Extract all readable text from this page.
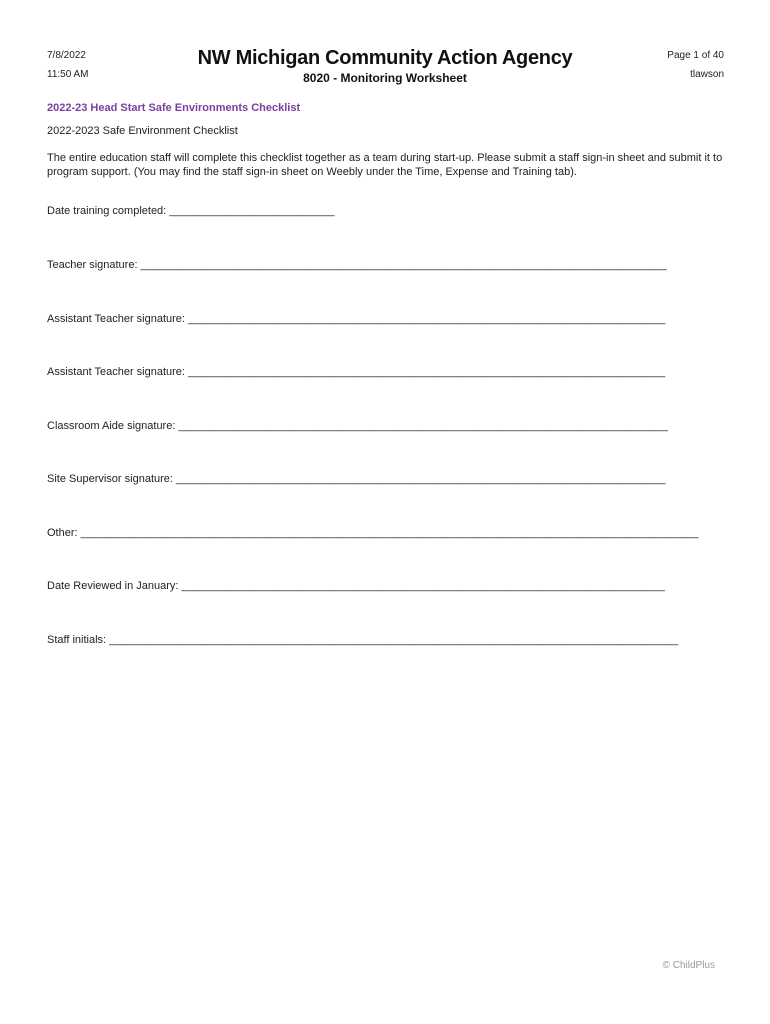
7/8/2022
11:50 AM
NW Michigan Community Action Agency
8020 - Monitoring Worksheet
Page 1 of 40
tlawson
2022-23 Head Start Safe Environments Checklist
2022-2023 Safe Environment Checklist
The entire education staff will complete this checklist together as a team during start-up. Please submit a staff sign-in sheet and submit it to program support. (You may find the staff sign-in sheet on Weebly under the Time, Expense and Training tab).
Date training completed: ___________________________
Teacher signature: ______________________________________________________________________________________
Assistant Teacher signature: ______________________________________________________________________________
Assistant Teacher signature: ______________________________________________________________________________
Classroom Aide signature: ________________________________________________________________________________
Site Supervisor signature: ________________________________________________________________________________
Other: _____________________________________________________________________________________________________
Date Reviewed in January: _______________________________________________________________________________
Staff initials: _____________________________________________________________________________________________
© ChildPlus
